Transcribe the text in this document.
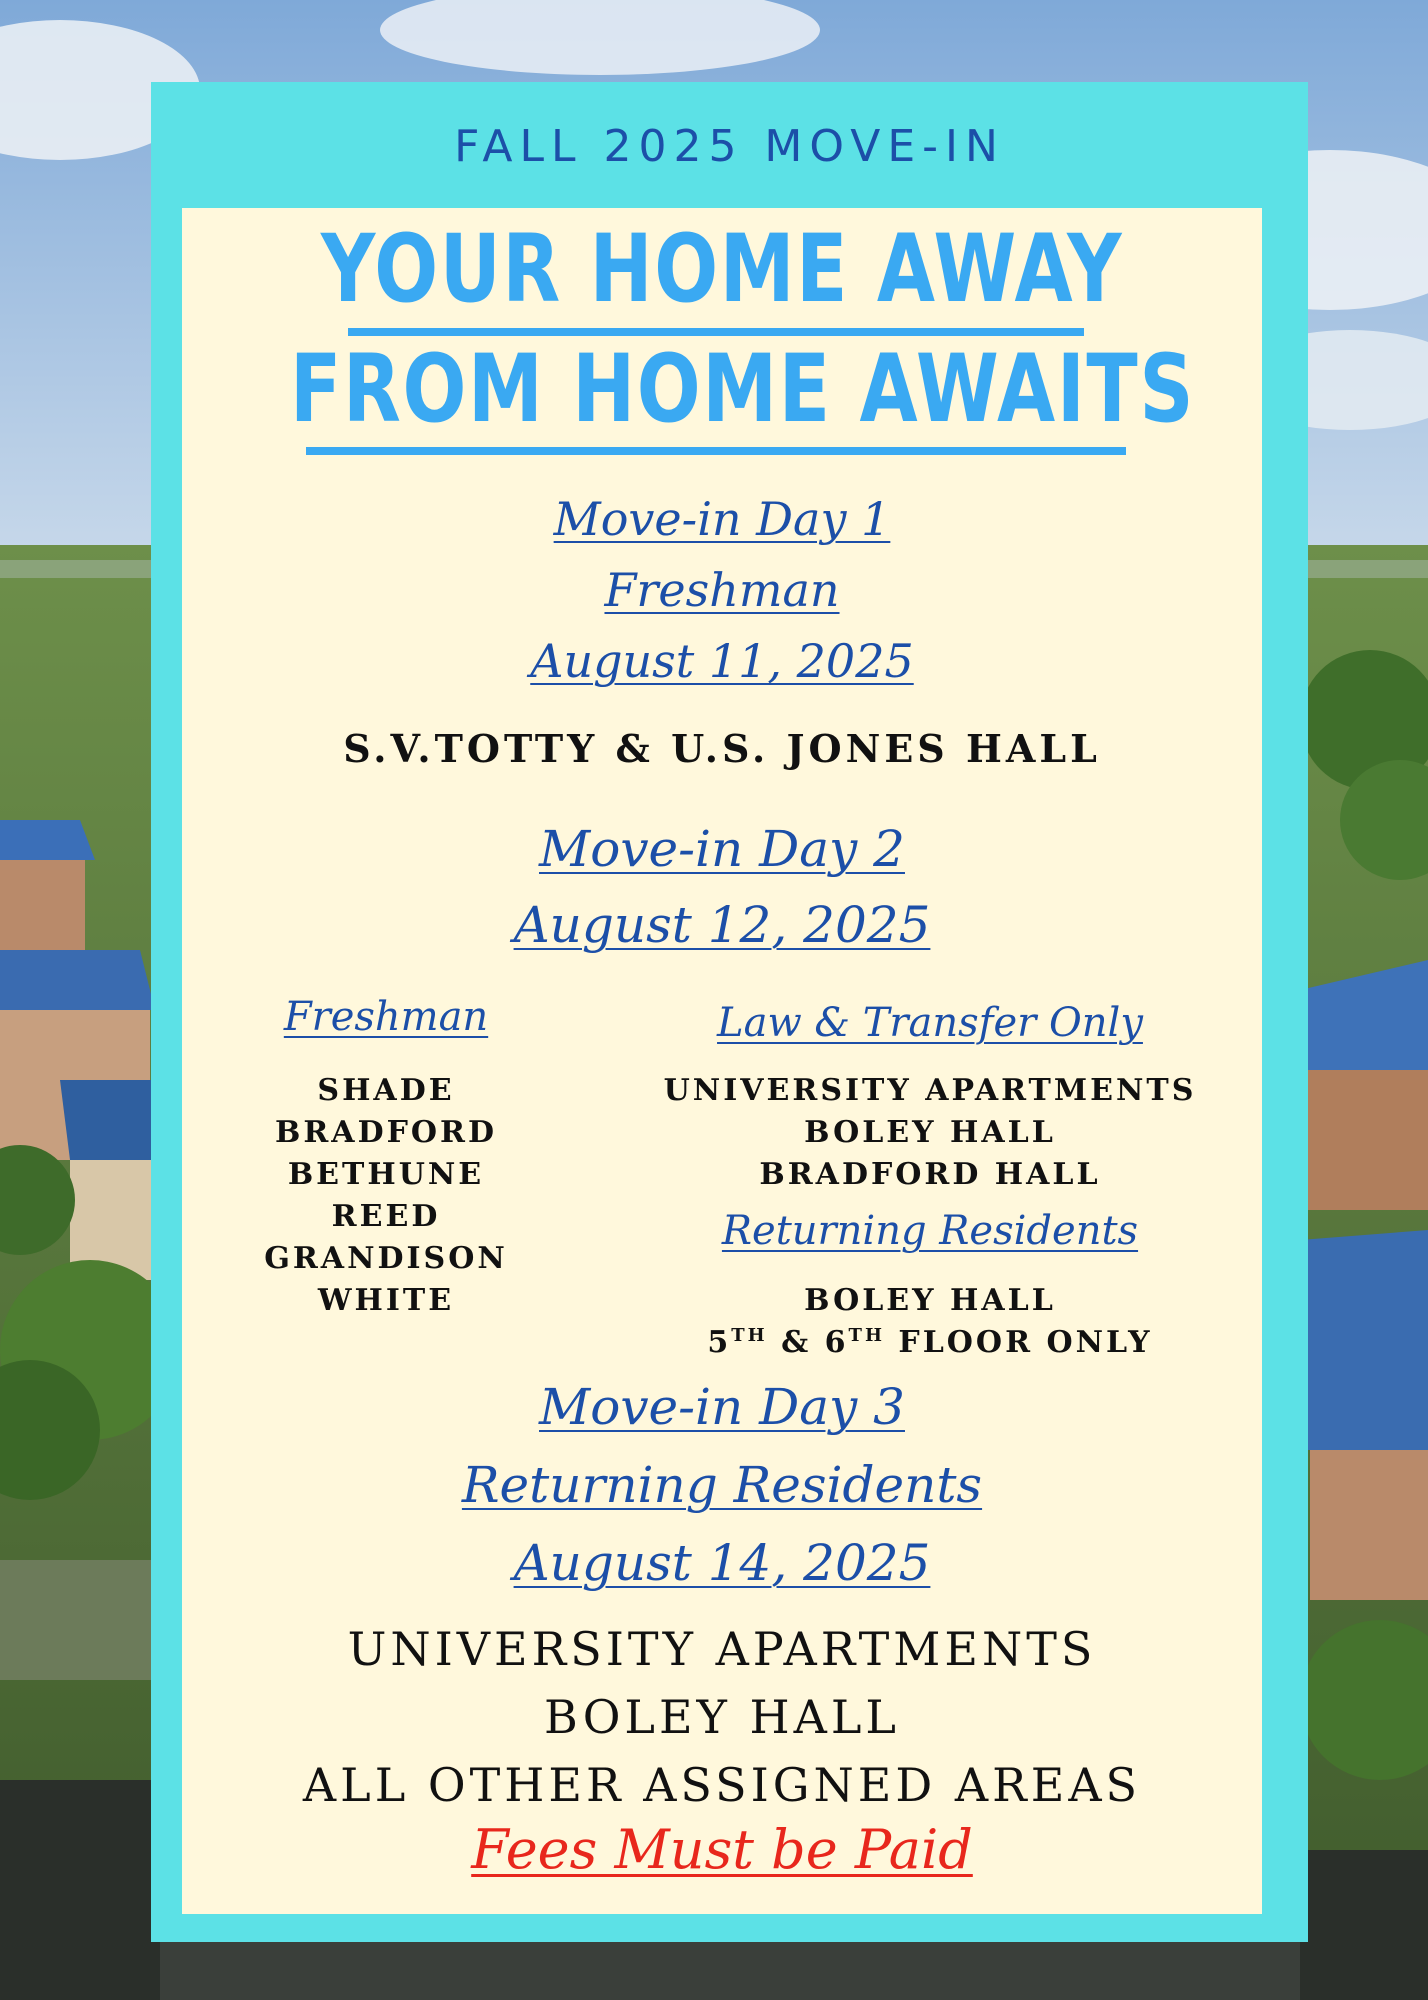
FALL 2025 MOVE-IN
YOUR HOME AWAY
FROM HOME AWAITS
Move-in Day 1
Freshman
August 11, 2025
S.V.TOTTY & U.S. JONES HALL
Move-in Day 2
August 12, 2025
Freshman
SHADE
BRADFORD
BETHUNE
REED
GRANDISON
WHITE
Law & Transfer Only
UNIVERSITY APARTMENTS
BOLEY HALL
BRADFORD HALL
Returning Residents
BOLEY HALL
5TH & 6TH FLOOR ONLY
Move-in Day 3
Returning Residents
August 14, 2025
UNIVERSITY APARTMENTS
BOLEY HALL
ALL OTHER ASSIGNED AREAS
Fees Must be Paid
